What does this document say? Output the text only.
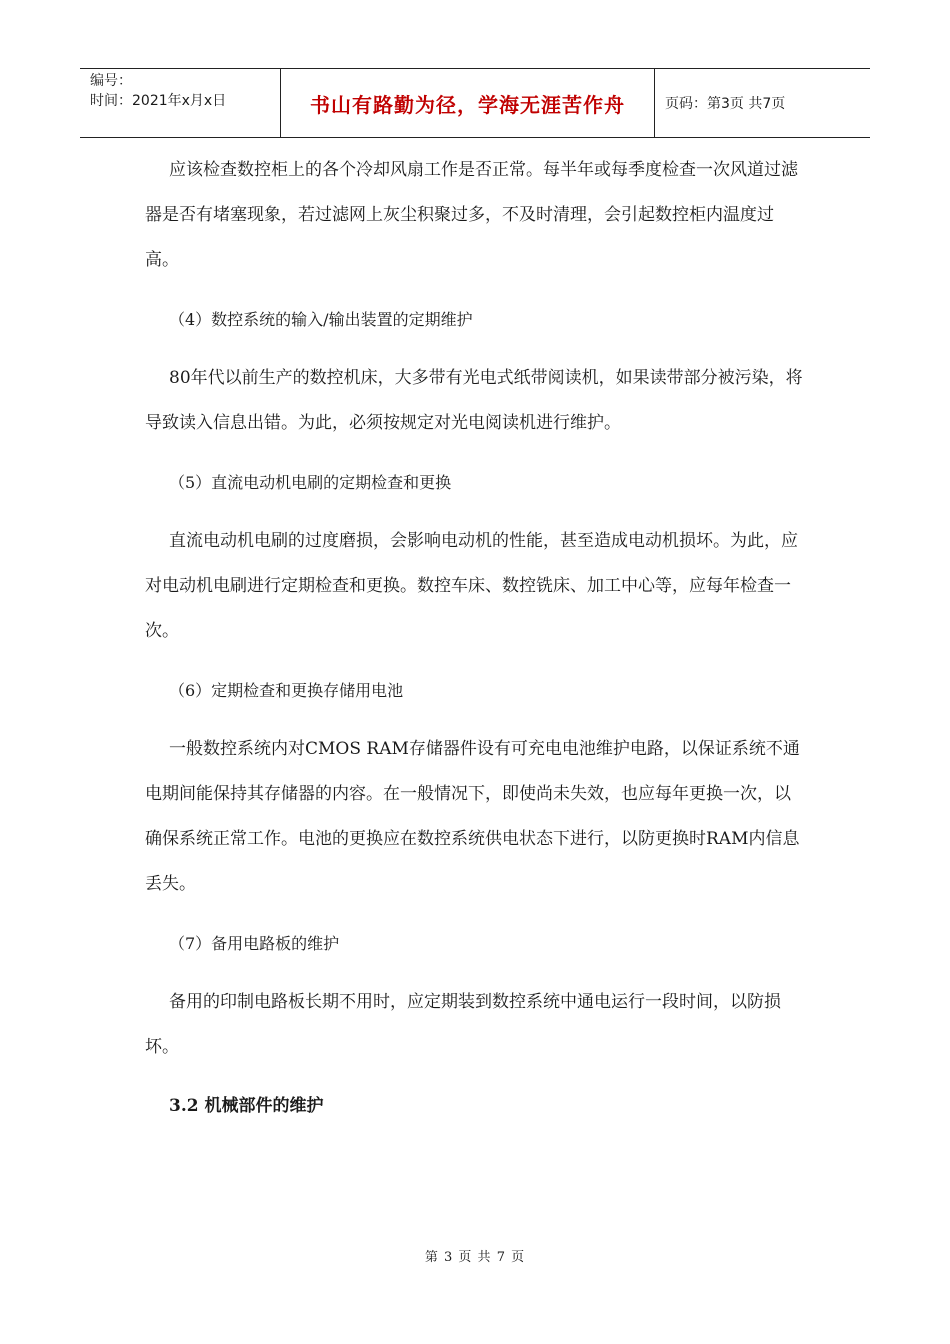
编号：
时间：2021年x月x日	书山有路勤为径，学海无涯苦作舟	页码：第3页 共7页

应该检查数控柜上的各个冷却风扇工作是否正常。每半年或每季度检查一次风道过滤器是否有堵塞现象，若过滤网上灰尘积聚过多，不及时清理，会引起数控柜内温度过高。

（4）数控系统的输入/输出装置的定期维护

80年代以前生产的数控机床，大多带有光电式纸带阅读机，如果读带部分被污染，将导致读入信息出错。为此，必须按规定对光电阅读机进行维护。

（5）直流电动机电刷的定期检查和更换

直流电动机电刷的过度磨损，会影响电动机的性能，甚至造成电动机损坏。为此，应对电动机电刷进行定期检查和更换。数控车床、数控铣床、加工中心等，应每年检查一次。

（6）定期检查和更换存储用电池

一般数控系统内对CMOS RAM存储器件设有可充电电池维护电路，以保证系统不通电期间能保持其存储器的内容。在一般情况下，即使尚未失效，也应每年更换一次，以确保系统正常工作。电池的更换应在数控系统供电状态下进行，以防更换时RAM内信息丢失。

（7）备用电路板的维护

备用的印制电路板长期不用时，应定期装到数控系统中通电运行一段时间，以防损坏。

3.2 机械部件的维护
第 3 页 共 7 页
